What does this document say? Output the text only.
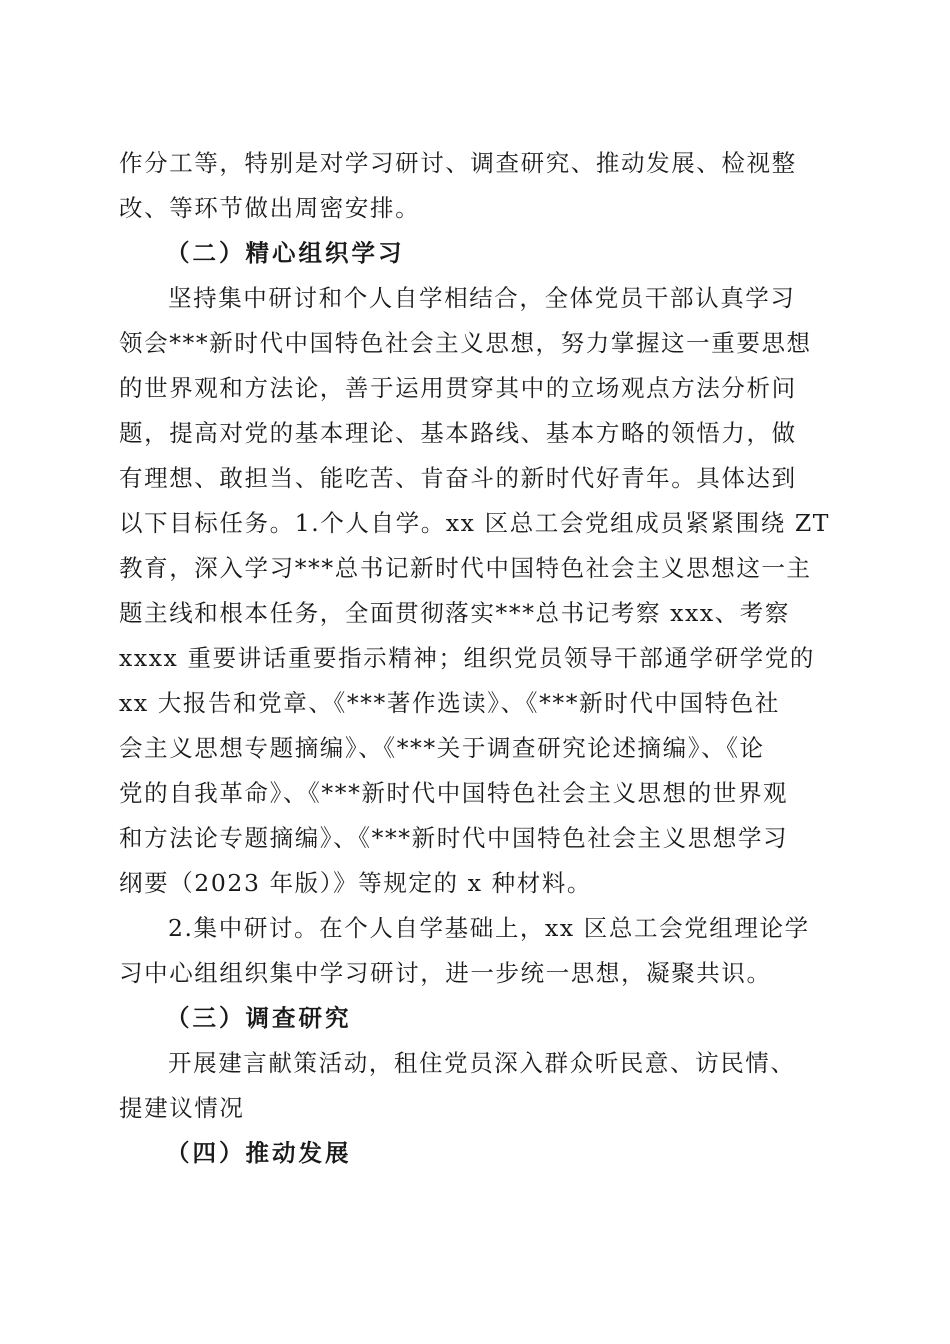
作分工等，特别是对学习研讨、调查研究、推动发展、检视整
改、等环节做出周密安排。
（二）精心组织学习
坚持集中研讨和个人自学相结合，全体党员干部认真学习
领会***新时代中国特色社会主义思想，努力掌握这一重要思想
的世界观和方法论，善于运用贯穿其中的立场观点方法分析问
题，提高对党的基本理论、基本路线、基本方略的领悟力，做
有理想、敢担当、能吃苦、肯奋斗的新时代好青年。具体达到
以下目标任务。1.个人自学。xx 区总工会党组成员紧紧围绕 ZT
教育，深入学习***总书记新时代中国特色社会主义思想这一主
题主线和根本任务，全面贯彻落实***总书记考察 xxx、考察
xxxx 重要讲话重要指示精神；组织党员领导干部通学研学党的
xx 大报告和党章、《***著作选读》、《***新时代中国特色社
会主义思想专题摘编》、《***关于调查研究论述摘编》、《论
党的自我革命》、《***新时代中国特色社会主义思想的世界观
和方法论专题摘编》、《***新时代中国特色社会主义思想学习
纲要（2023 年版）》等规定的 x 种材料。
2.集中研讨。在个人自学基础上，xx 区总工会党组理论学
习中心组组织集中学习研讨，进一步统一思想，凝聚共识。
（三）调查研究
开展建言献策活动，租住党员深入群众听民意、访民情、
提建议情况
（四）推动发展
